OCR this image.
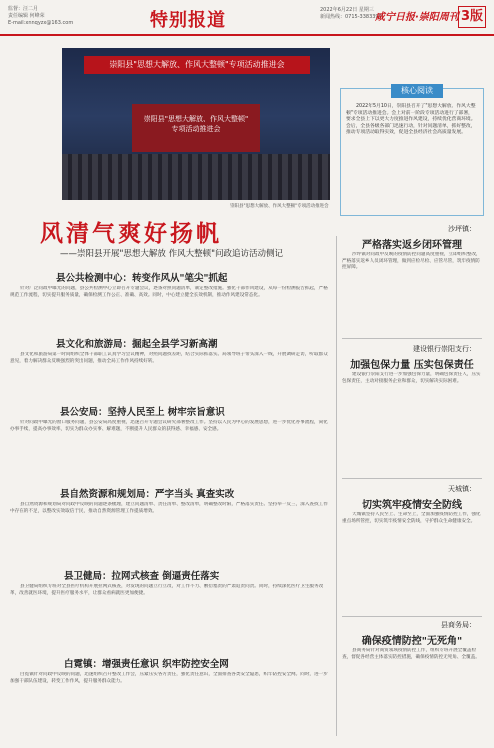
监督：汪二月
责任编辑 何峰荣
E-mail:xnnqyzx@163.com	特别报道	2022年6月22日 星期三
新闻热线：0715-3383399
咸宁日报·崇阳周刊 3版
崇阳县"思想大解放、作风大整顿"专项活动推进会
崇阳县"思想大解放、作风大整顿"
专项活动推进会
崇阳县"思想大解放、作风大整顿"专项活动推进会
核心阅读
2022年5月10日，崇阳县召开了"思想大解放、作风大整顿"专项活动推进会。会上对前一阶段专项活动进行了部署，要求全县上下以更大力度推进作风建设，持续优化营商环境。会后，全县各级各部门迅速行动，针对问题清单，抓好整改，推动专项活动取得实效，促进全县经济社会高质量发展。
风清气爽好扬帆
——崇阳县开展"思想大解放 作风大整顿"问政追访活动侧记
县公共检测中心：转变作风从"笔尖"抓起
针对广泛问政中曝光的问题，县公共检测中心立即召开专题会议，逐条对照问题清单，制定整改措施。强化干部作风建设，从每一份检测报告抓起，严格规范工作流程，切实提升服务质量，确保检测工作公正、准确、高效。同时，中心建立健全长效机制，推动作风建设常态化。
县文化和旅游局：掘起全县学习新高潮
县文化和旅游局第一时间组织全体干部职工认真学习会议精神，对照问题找差距，结合实际抓落实。局领导班子带头深入一线，开展调研走访，听取群众意见，着力解决群众反映强烈的突出问题，推动全局工作作风持续好转。
县公安局：坚持人民至上 树牢宗旨意识
针对问政中曝光的窗口服务问题，县公安局高度重视，迅速召开专题会议研究部署整改工作。坚持以人民为中心的发展思想，进一步优化办事流程，简化办事手续，提高办事效率，切实为群众办实事、解难题，不断提升人民群众的获得感、幸福感、安全感。
县自然资源和规划局：严字当头 真查实改
县自然资源和规划局对问政中反映的问题逐条梳理，建立问题清单、责任清单、整改清单，明确整改时限，严格落实责任。坚持举一反三，深入查找工作中存在的不足，以整改实效取信于民，推动自然资源管理工作提质增效。
县卫健局：拉网式核查 倒逼责任落实
县卫健局组织专班对全县医疗机构开展拉网式核查，对发现的问题立行立改，对工作不力、敷衍塞责的严肃追责问责。同时，持续深化医疗卫生服务改革，改善就医环境，提升医疗服务水平，让群众看病就医更加便捷。
白霓镇：增强责任意识 织牢防控安全网
白霓镇针对问政中反映的问题，迅速组织召开整改工作会，压紧压实各方责任，强化责任意识，全面排查各类安全隐患，织牢防控安全网。同时，进一步加强干部队伍建设，转变工作作风，提升服务群众能力。
沙坪镇：
严格落实返乡闭环管理
沙坪镇对问政中反映的疫情防控问题高度重视，立即组织整改，严格落实返乡人员闭环管理，做到应检尽检、应管尽管，筑牢疫情防控屏障。
建设银行崇阳支行：
加强包保力量 压实包保责任
建设银行崇阳支行进一步加强包保力量，明确包保责任人，压实包保责任，主动对接服务企业和群众，切实解决实际困难。
天城镇：
切实筑牢疫情安全防线
天城镇坚持人民至上、生命至上，全面加强疫情防控工作，强化重点场所管控，切实筑牢疫情安全防线，守护群众生命健康安全。
县商务局：
确保疫情防控"无死角"
县商务局针对商贸领域疫情防控工作，组织专班开展全覆盖检查，督促各经营主体落实防控措施，确保疫情防控无死角、全覆盖。
